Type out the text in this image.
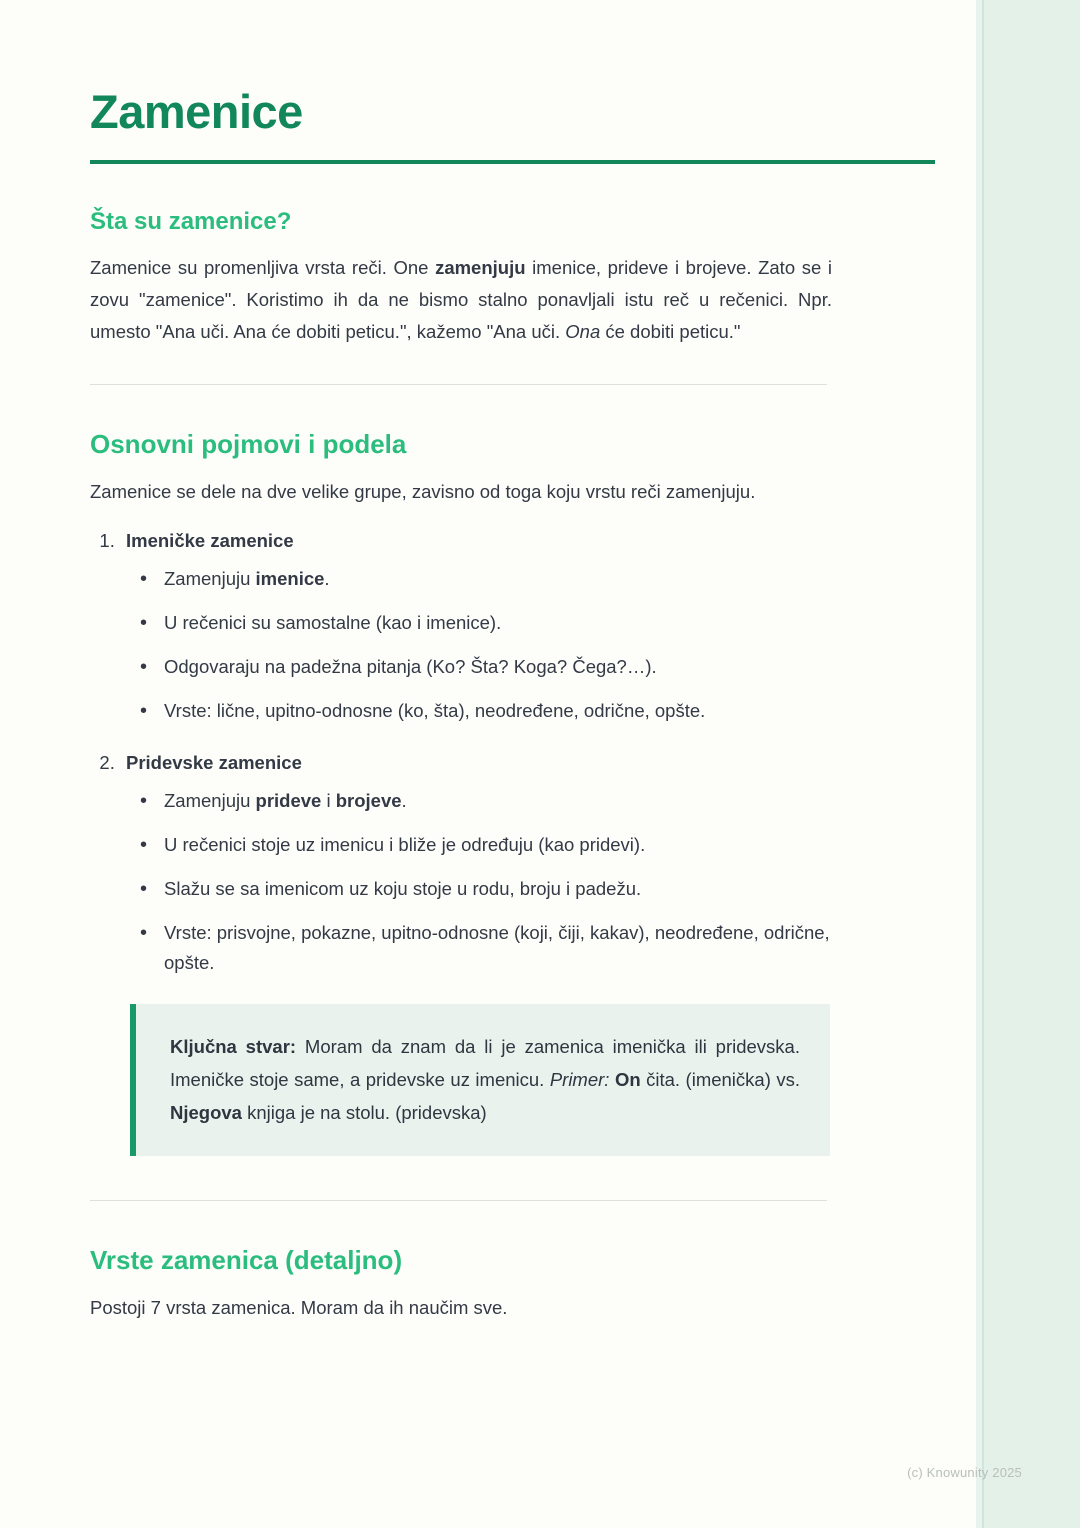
Zamenice
Šta su zamenice?

Zamenice su promenljiva vrsta reči. One zamenjuju imenice, prideve i brojeve. Zato se i zovu "zamenice". Koristimo ih da ne bismo stalno ponavljali istu reč u rečenici. Npr. umesto "Ana uči. Ana će dobiti peticu.", kažemo "Ana uči. Ona će dobiti peticu."

Osnovni pojmovi i podela

Zamenice se dele na dve velike grupe, zavisno od toga koju vrstu reči zamenjuju.

1. Imeničke zamenice
• Zamenjuju imenice.
• U rečenici su samostalne (kao i imenice).
• Odgovaraju na padežna pitanja (Ko? Šta? Koga? Čega?…).
• Vrste: lične, upitno-odnosne (ko, šta), neodređene, odrične, opšte.
2. Pridevske zamenice
• Zamenjuju prideve i brojeve.
• U rečenici stoje uz imenicu i bliže je određuju (kao pridevi).
• Slažu se sa imenicom uz koju stoje u rodu, broju i padežu.
• Vrste: prisvojne, pokazne, upitno-odnosne (koji, čiji, kakav), neodređene, odrične, opšte.

Ključna stvar: Moram da znam da li je zamenica imenička ili pridevska. Imeničke stoje same, a pridevske uz imenicu. Primer: On čita. (imenička) vs. Njegova knjiga je na stolu. (pridevska)

Vrste zamenica (detaljno)

Postoji 7 vrsta zamenica. Moram da ih naučim sve.

(c) Knowunity 2025
